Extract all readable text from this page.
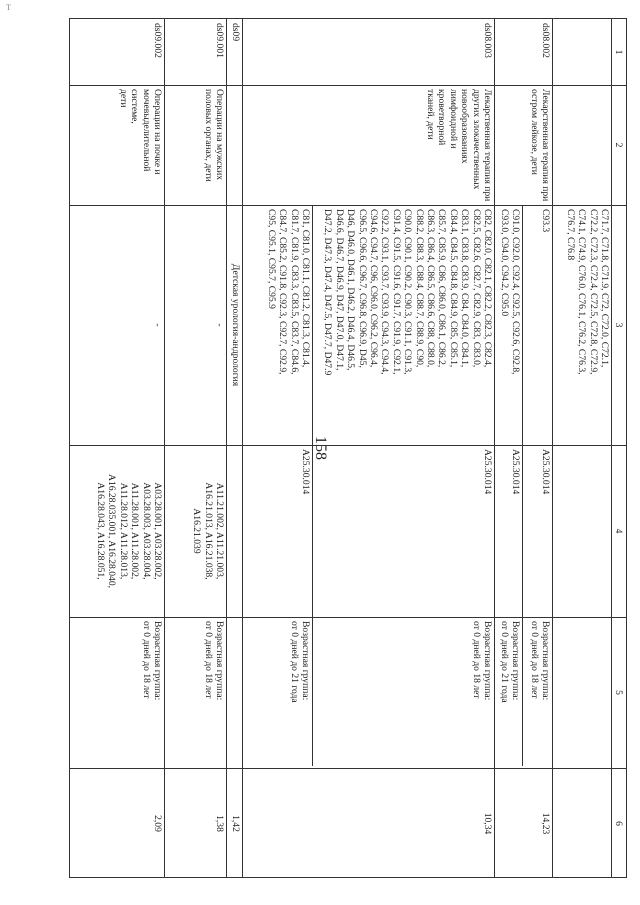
Т
158
1
2
3
4
5
6
C71.7, C71.8, C71.9, C72, C72.0, C72.1,
C72.2, C72.3, C72.4, C72.5, C72.8, C72.9,
C74.1, C74.9, C76.0, C76.1, C76.2, C76.3,
C76.7, C76.8
ds08.002
Лекарственная терапия при
остром лейкозе, дети
C93.3
A25.30.014
Возрастная группа:
от 0 дней до 18 лет
C91.0, C92.0, C92.4, C92.5, C92.6, C92.8,
C93.0, C94.0, C94.2, C95.0
A25.30.014
Возрастная группа:
от 0 дней до 21 года
14,23
ds08.003
Лекарственная терапия при
других злокачественных
новообразованиях
лимфоидной и кроветворной
тканей, дети
C82, C82.0, C82.1, C82.2, C82.3, C82.4,
C82.5, C82.6, C82.7, C82.9, C83, C83.0,
C83.1, C83.8, C83.9, C84, C84.0, C84.1,
C84.4, C84.5, C84.8, C84.9, C85, C85.1,
C85.7, C85.9, C86, C86.0, C86.1, C86.2,
C86.3, C86.4, C86.5, C86.6, C88, C88.0,
C88.2, C88.3, C88.4, C88.7, C88.9, C90,
C90.0, C90.1, C90.2, C90.3, C91.1, C91.3,
C91.4, C91.5, C91.6, C91.7, C91.9, C92.1,
C92.2, C93.1, C93.7, C93.9, C94.3, C94.4,
C94.6, C94.7, C96, C96.0, C96.2, C96.4,
C96.5, C96.6, C96.7, C96.8, C96.9, D45,
D46, D46.0, D46.1, D46.2, D46.4, D46.5,
D46.6, D46.7, D46.9, D47, D47.0, D47.1,
D47.2, D47.3, D47.4, D47.5, D47.7, D47.9
A25.30.014
Возрастная группа:
от 0 дней до 18 лет
C81, C81.0, C81.1, C81.2, C81.3, C81.4,
C81.7, C81.9, C83.3, C83.5, C83.7, C84.6,
C84.7, C85.2, C91.8, C92.3, C92.7, C92.9,
C95, C95.1, C95.7, C95.9
A25.30.014
Возрастная группа:
от 0 дней до 21 года
10,34
ds09
Детская урология-андрология
1,42
ds09.001
Операции на мужских
половых органах, дети
-
A11.21.002, A11.21.003,
A16.21.013, A16.21.038,
A16.21.039
Возрастная группа:
от 0 дней до 18 лет
1,38
ds09.002
Операции на почке и
мочевыделительной системе,
дети
-
A03.28.001, A03.28.002,
A03.28.003, A03.28.004,
A11.28.001, A11.28.002,
A11.28.012, A11.28.013,
A16.28.035.001, A16.28.040,
A16.28.043, A16.28.051,
Возрастная группа:
от 0 дней до 18 лет
2,09
